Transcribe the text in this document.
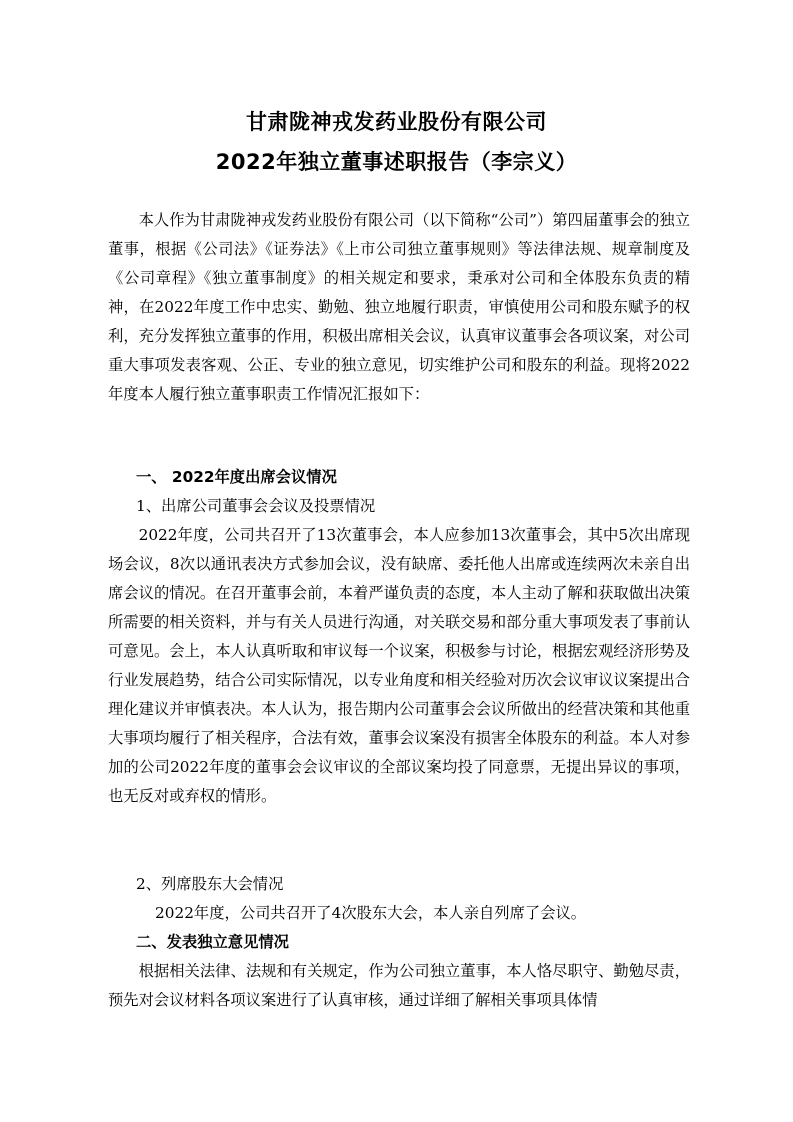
甘肃陇神戎发药业股份有限公司
2022年独立董事述职报告（李宗义）

本人作为甘肃陇神戎发药业股份有限公司（以下简称“公司”）第四届董事会的独立董事，根据《公司法》《证券法》《上市公司独立董事规则》等法律法规、规章制度及《公司章程》《独立董事制度》的相关规定和要求，秉承对公司和全体股东负责的精神，在2022年度工作中忠实、勤勉、独立地履行职责，审慎使用公司和股东赋予的权利，充分发挥独立董事的作用，积极出席相关会议，认真审议董事会各项议案，对公司重大事项发表客观、公正、专业的独立意见，切实维护公司和股东的利益。现将2022年度本人履行独立董事职责工作情况汇报如下：

一、 2022年度出席会议情况
1、出席公司董事会会议及投票情况

2022年度，公司共召开了13次董事会，本人应参加13次董事会，其中5次出席现场会议，8次以通讯表决方式参加会议，没有缺席、委托他人出席或连续两次未亲自出席会议的情况。在召开董事会前，本着严谨负责的态度，本人主动了解和获取做出决策所需要的相关资料，并与有关人员进行沟通，对关联交易和部分重大事项发表了事前认可意见。会上，本人认真听取和审议每一个议案，积极参与讨论，根据宏观经济形势及行业发展趋势，结合公司实际情况，以专业角度和相关经验对历次会议审议议案提出合理化建议并审慎表决。本人认为，报告期内公司董事会会议所做出的经营决策和其他重大事项均履行了相关程序，合法有效，董事会议案没有损害全体股东的利益。本人对参加的公司2022年度的董事会会议审议的全部议案均投了同意票，无提出异议的事项，也无反对或弃权的情形。

2、列席股东大会情况
2022年度，公司共召开了4次股东大会，本人亲自列席了会议。
二、发表独立意见情况

根据相关法律、法规和有关规定，作为公司独立董事，本人恪尽职守、勤勉尽责，预先对会议材料各项议案进行了认真审核，通过详细了解相关事项具体情
